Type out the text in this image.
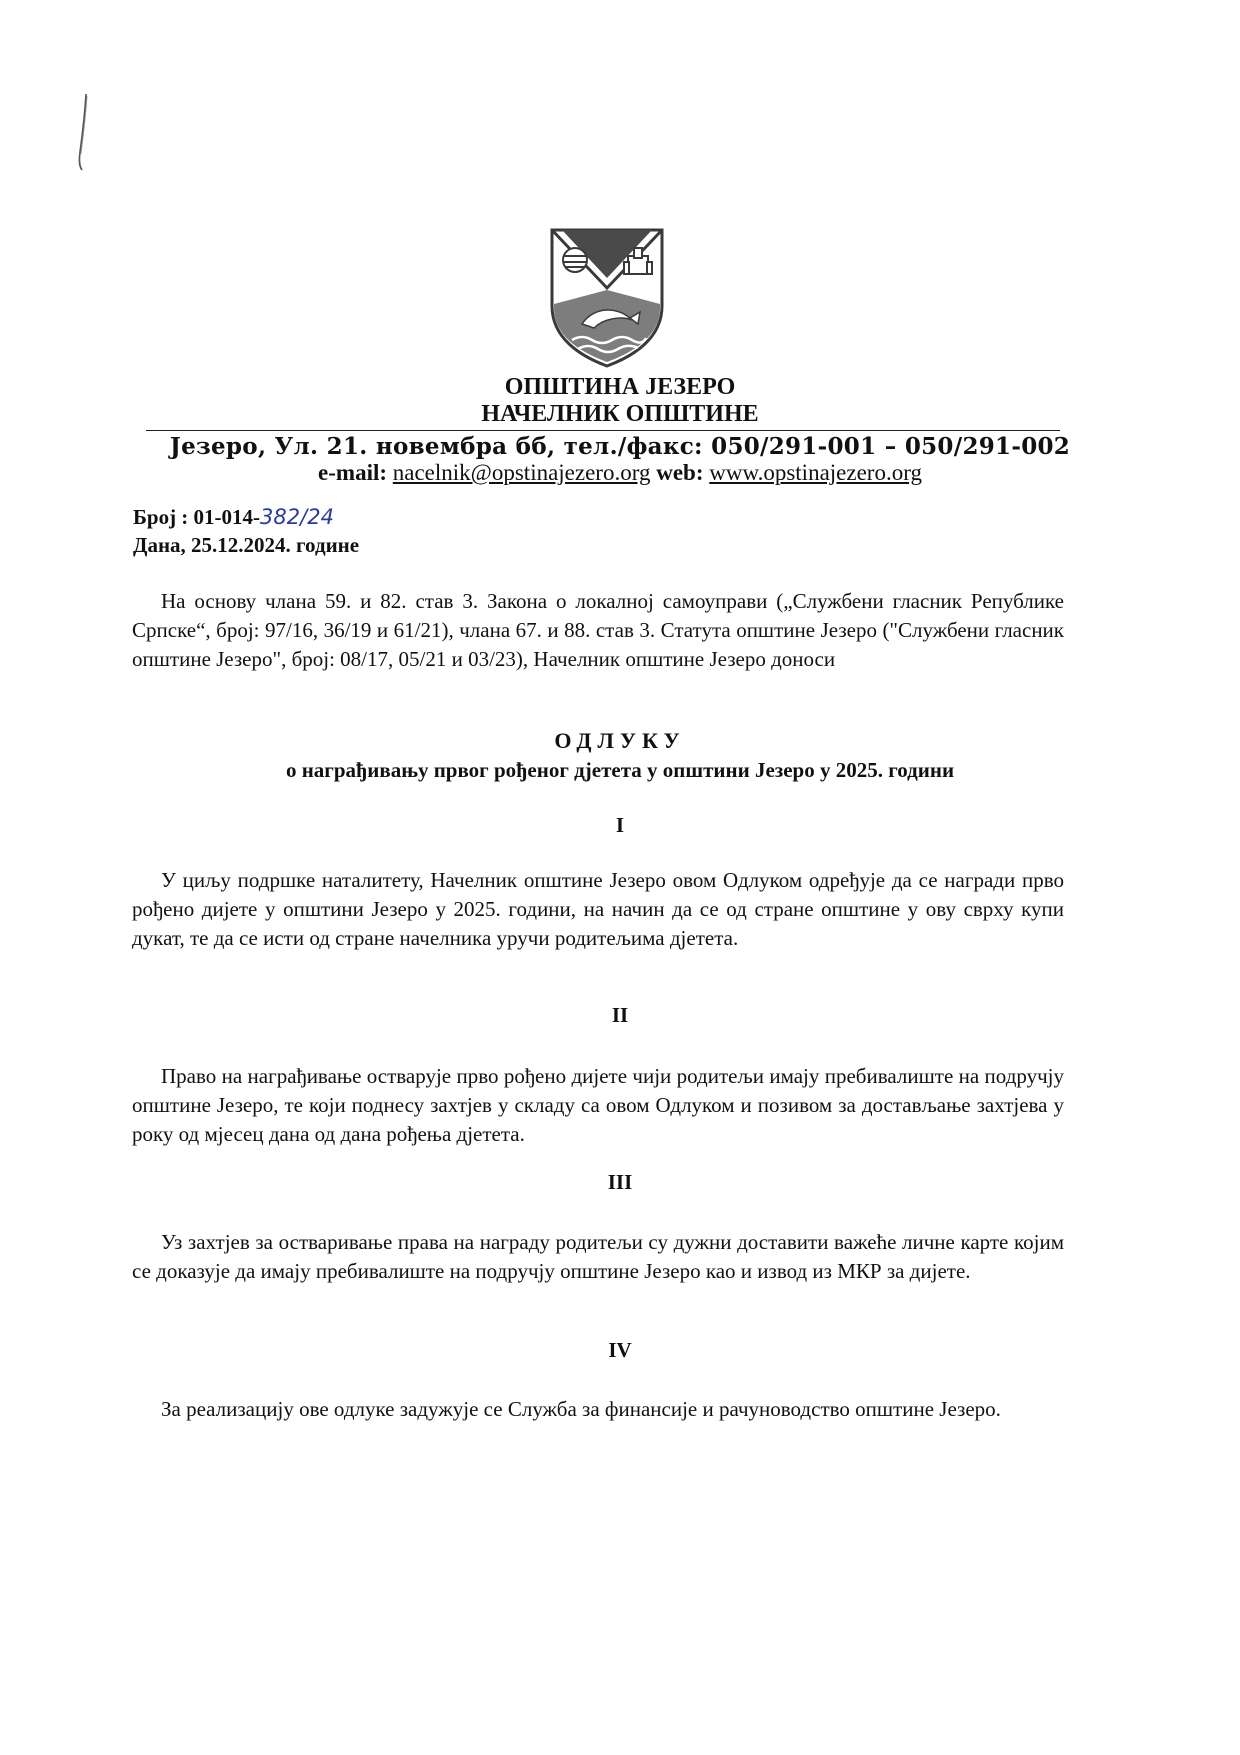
ОПШТИНА ЈЕЗЕРО
НАЧЕЛНИК ОПШТИНЕ
Језеро, Ул. 21. новембра бб, тел./факс: 050/291-001 – 050/291-002
e-mail: nacelnik@opstinajezero.org web: www.opstinajezero.org
Број : 01-014-382/24
Дана, 25.12.2024. године
На основу члана 59. и 82. став 3. Закона о локалној самоуправи („Службени гласник Републике Српске“, број: 97/16, 36/19 и 61/21), члана 67. и 88. став 3. Статута општине Језеро ("Службени гласник општине Језеро", број: 08/17, 05/21 и 03/23), Начелник општине Језеро доноси
ОДЛУКУ
о награђивању првог рођеног дјетета у општини Језеро у 2025. години
I
У циљу подршке наталитету, Начелник општине Језеро овом Одлуком одређује да се награди прво рођено дијете у општини Језеро у 2025. години, на начин да се од стране општине у ову сврху купи дукат, те да се исти од стране начелника уручи родитељима дјетета.
II
Право на награђивање остварује прво рођено дијете чији родитељи имају пребивалиште на подручју општине Језеро, те који поднесу захтјев у складу са овом Одлуком и позивом за достављање захтјева у року од мјесец дана од дана рођења дјетета.
III
Уз захтјев за остваривање права на награду родитељи су дужни доставити важеће личне карте којим се доказује да имају пребивалиште на подручју општине Језеро као и извод из МКР за дијете.
IV
За реализацију ове одлуке задужује се Служба за финансије и рачуноводство општине Језеро.
